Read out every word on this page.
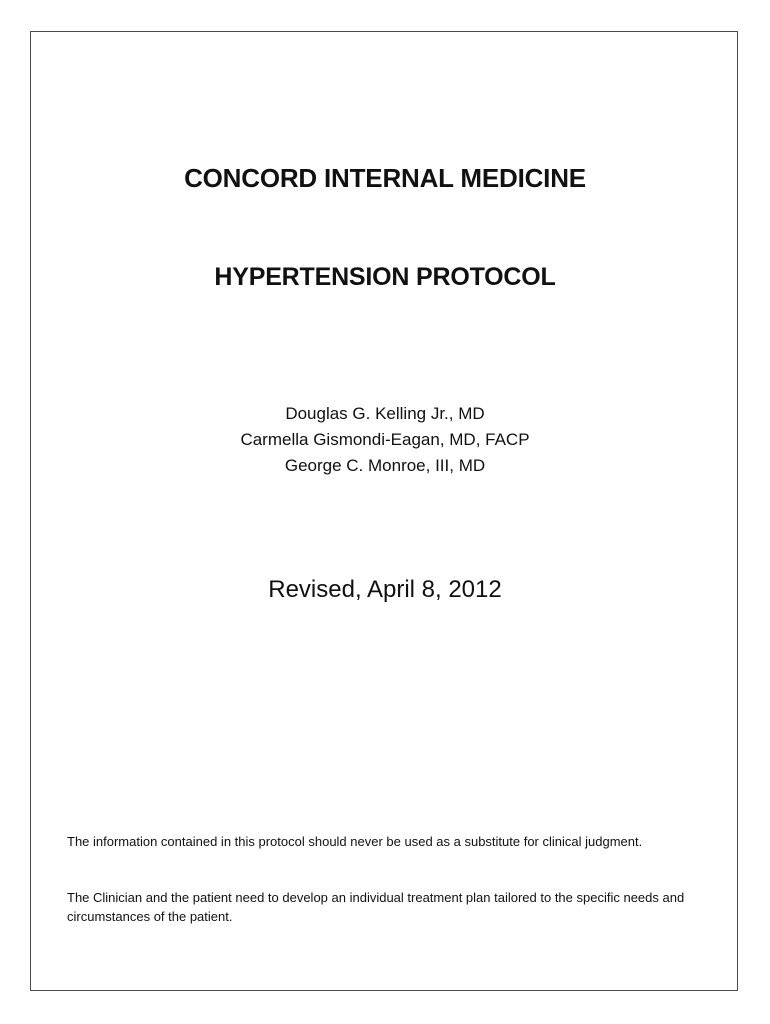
CONCORD INTERNAL MEDICINE
HYPERTENSION PROTOCOL
Douglas G. Kelling Jr., MD
Carmella Gismondi-Eagan, MD, FACP
George C. Monroe, III, MD
Revised, April 8, 2012

The information contained in this protocol should never be used as a substitute for clinical judgment.

The Clinician and the patient need to develop an individual treatment plan tailored to the specific needs and circumstances of the patient.
